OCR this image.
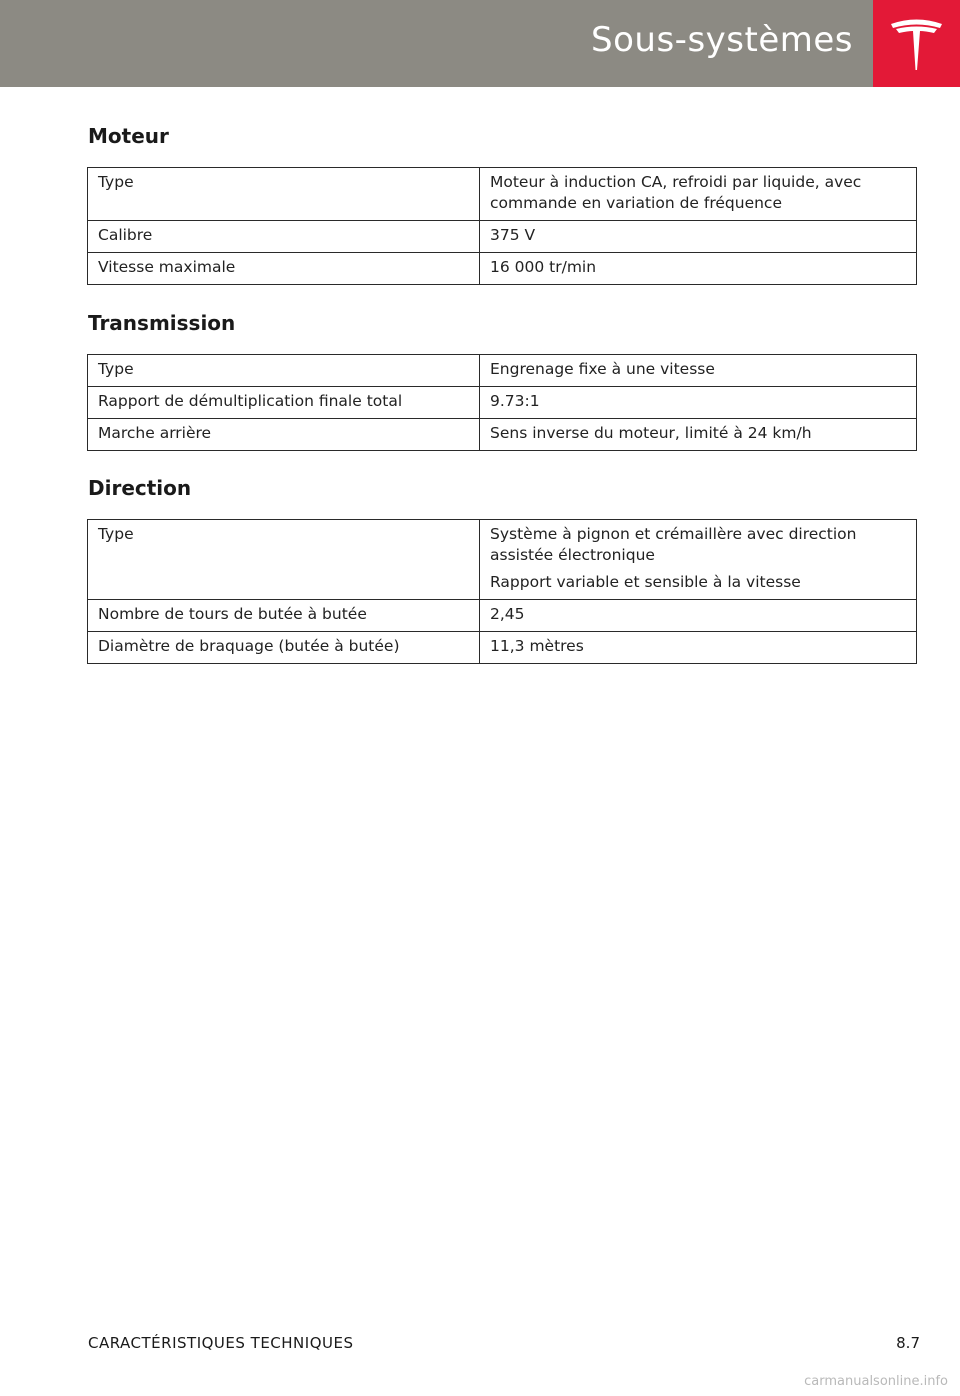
Sous-systèmes
Moteur
Type	Moteur à induction CA, refroidi par liquide, avec commande en variation de fréquence

Calibre	375 V

Vitesse maximale	16 000 tr/min

Transmission
Type	Engrenage fixe à une vitesse

Rapport de démultiplication finale total	9.73:1

Marche arrière	Sens inverse du moteur, limité à 24 km/h

Direction
Type	Système à pignon et crémaillère avec direction assistée électronique

Rapport variable et sensible à la vitesse

Nombre de tours de butée à butée	2,45

Diamètre de braquage (butée à butée)	11,3 mètres

CARACTÉRISTIQUES TECHNIQUES	8.7
carmanualsonline.info
